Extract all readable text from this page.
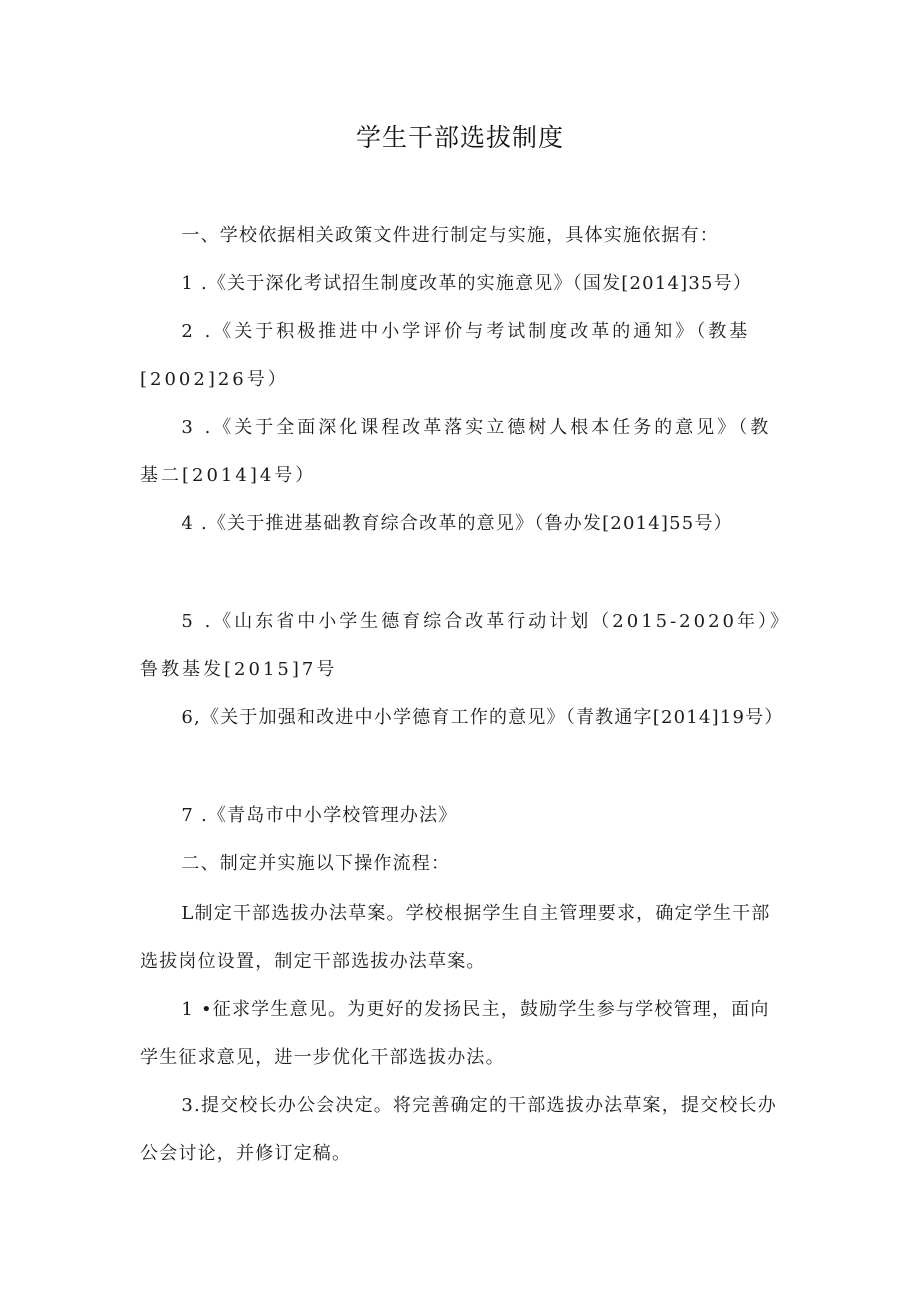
学生干部选拔制度

一、学校依据相关政策文件进行制定与实施，具体实施依据有：

1 .《关于深化考试招生制度改革的实施意见》（国发[2014]35号）

2 .《关于积极推进中小学评价与考试制度改革的通知》（教基[2002]26号）

3 .《关于全面深化课程改革落实立德树人根本任务的意见》（教基二[2014]4号）

4 .《关于推进基础教育综合改革的意见》（鲁办发[2014]55号）

5 .《山东省中小学生德育综合改革行动计划（2015-2020年）》鲁教基发[2015]7号

6,《关于加强和改进中小学德育工作的意见》（青教通字[2014]19号）

7 .《青岛市中小学校管理办法》

二、制定并实施以下操作流程：

L制定干部选拔办法草案。学校根据学生自主管理要求，确定学生干部选拔岗位设置，制定干部选拔办法草案。

1 •征求学生意见。为更好的发扬民主，鼓励学生参与学校管理，面向学生征求意见，进一步优化干部选拔办法。

3.提交校长办公会决定。将完善确定的干部选拔办法草案，提交校长办公会讨论，并修订定稿。
